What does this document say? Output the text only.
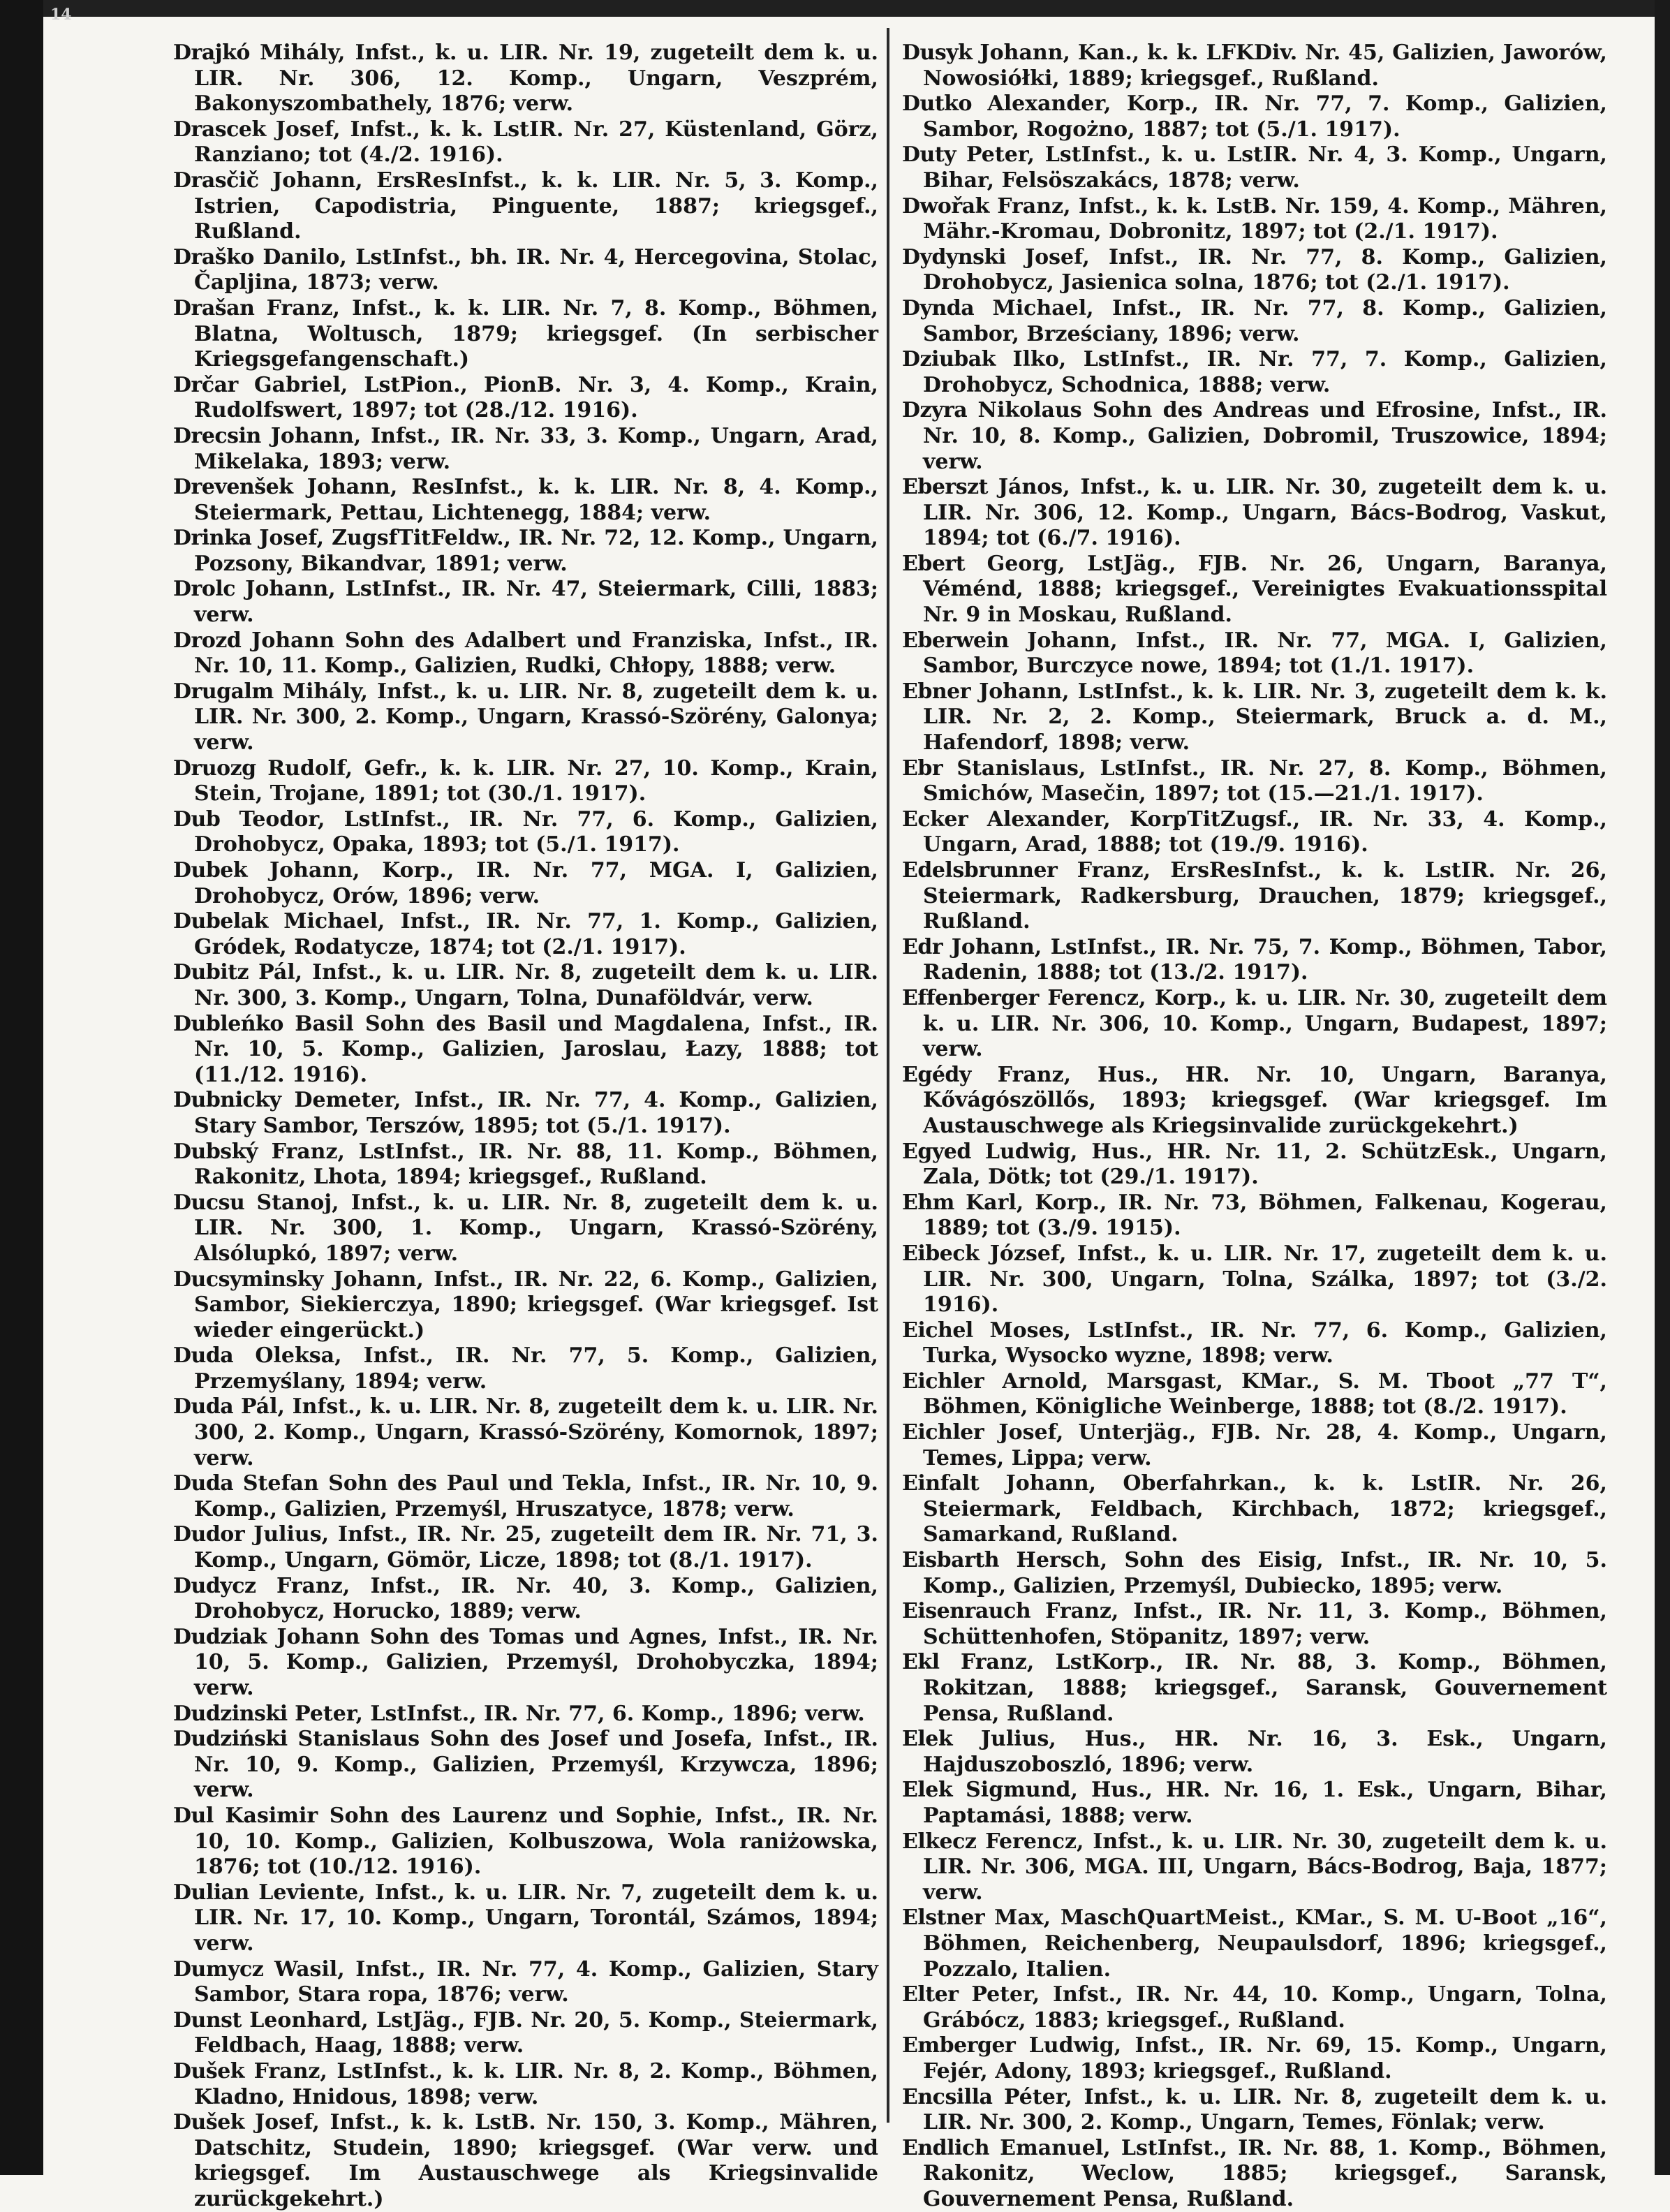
14

Drajkó Mihály, Infst., k. u. LIR. Nr. 19, zugeteilt dem k. u. LIR. Nr. 306, 12. Komp., Ungarn, Veszprém, Bakonyszombathely, 1876; verw.

Drascek Josef, Infst., k. k. LstIR. Nr. 27, Küstenland, Görz, Ranziano; tot (4./2. 1916).

Drasčič Johann, ErsResInfst., k. k. LIR. Nr. 5, 3. Komp., Istrien, Capodistria, Pinguente, 1887; kriegsgef., Rußland.

Draško Danilo, LstInfst., bh. IR. Nr. 4, Hercegovina, Stolac, Čapljina, 1873; verw.

Drašan Franz, Infst., k. k. LIR. Nr. 7, 8. Komp., Böhmen, Blatna, Woltusch, 1879; kriegsgef. (In serbischer Kriegsgefangenschaft.)

Drčar Gabriel, LstPion., PionB. Nr. 3, 4. Komp., Krain, Rudolfswert, 1897; tot (28./12. 1916).

Drecsin Johann, Infst., IR. Nr. 33, 3. Komp., Ungarn, Arad, Mikelaka, 1893; verw.

Drevenšek Johann, ResInfst., k. k. LIR. Nr. 8, 4. Komp., Steiermark, Pettau, Lichtenegg, 1884; verw.

Drinka Josef, ZugsfTitFeldw., IR. Nr. 72, 12. Komp., Ungarn, Pozsony, Bikandvar, 1891; verw.

Drolc Johann, LstInfst., IR. Nr. 47, Steiermark, Cilli, 1883; verw.

Drozd Johann Sohn des Adalbert und Franziska, Infst., IR. Nr. 10, 11. Komp., Galizien, Rudki, Chłopy, 1888; verw.

Drugalm Mihály, Infst., k. u. LIR. Nr. 8, zugeteilt dem k. u. LIR. Nr. 300, 2. Komp., Ungarn, Krassó-Szörény, Galonya; verw.

Druozg Rudolf, Gefr., k. k. LIR. Nr. 27, 10. Komp., Krain, Stein, Trojane, 1891; tot (30./1. 1917).

Dub Teodor, LstInfst., IR. Nr. 77, 6. Komp., Galizien, Drohobycz, Opaka, 1893; tot (5./1. 1917).

Dubek Johann, Korp., IR. Nr. 77, MGA. I, Galizien, Drohobycz, Orów, 1896; verw.

Dubelak Michael, Infst., IR. Nr. 77, 1. Komp., Galizien, Gródek, Rodatycze, 1874; tot (2./1. 1917).

Dubitz Pál, Infst., k. u. LIR. Nr. 8, zugeteilt dem k. u. LIR. Nr. 300, 3. Komp., Ungarn, Tolna, Dunaföldvár, verw.

Dubleńko Basil Sohn des Basil und Magdalena, Infst., IR. Nr. 10, 5. Komp., Galizien, Jaroslau, Łazy, 1888; tot (11./12. 1916).

Dubnicky Demeter, Infst., IR. Nr. 77, 4. Komp., Galizien, Stary Sambor, Terszów, 1895; tot (5./1. 1917).

Dubský Franz, LstInfst., IR. Nr. 88, 11. Komp., Böhmen, Rakonitz, Lhota, 1894; kriegsgef., Rußland.

Ducsu Stanoj, Infst., k. u. LIR. Nr. 8, zugeteilt dem k. u. LIR. Nr. 300, 1. Komp., Ungarn, Krassó-Szörény, Alsólupkó, 1897; verw.

Ducsyminsky Johann, Infst., IR. Nr. 22, 6. Komp., Galizien, Sambor, Siekierczya, 1890; kriegsgef. (War kriegsgef. Ist wieder eingerückt.)

Duda Oleksa, Infst., IR. Nr. 77, 5. Komp., Galizien, Przemyślany, 1894; verw.

Duda Pál, Infst., k. u. LIR. Nr. 8, zugeteilt dem k. u. LIR. Nr. 300, 2. Komp., Ungarn, Krassó-Szörény, Komornok, 1897; verw.

Duda Stefan Sohn des Paul und Tekla, Infst., IR. Nr. 10, 9. Komp., Galizien, Przemyśl, Hruszatyce, 1878; verw.

Dudor Julius, Infst., IR. Nr. 25, zugeteilt dem IR. Nr. 71, 3. Komp., Ungarn, Gömör, Licze, 1898; tot (8./1. 1917).

Dudycz Franz, Infst., IR. Nr. 40, 3. Komp., Galizien, Drohobycz, Horucko, 1889; verw.

Dudziak Johann Sohn des Tomas und Agnes, Infst., IR. Nr. 10, 5. Komp., Galizien, Przemyśl, Drohobyczka, 1894; verw.

Dudzinski Peter, LstInfst., IR. Nr. 77, 6. Komp., 1896; verw.

Dudziński Stanislaus Sohn des Josef und Josefa, Infst., IR. Nr. 10, 9. Komp., Galizien, Przemyśl, Krzywcza, 1896; verw.

Dul Kasimir Sohn des Laurenz und Sophie, Infst., IR. Nr. 10, 10. Komp., Galizien, Kolbuszowa, Wola raniżowska, 1876; tot (10./12. 1916).

Dulian Leviente, Infst., k. u. LIR. Nr. 7, zugeteilt dem k. u. LIR. Nr. 17, 10. Komp., Ungarn, Torontál, Számos, 1894; verw.

Dumycz Wasil, Infst., IR. Nr. 77, 4. Komp., Galizien, Stary Sambor, Stara ropa, 1876; verw.

Dunst Leonhard, LstJäg., FJB. Nr. 20, 5. Komp., Steiermark, Feldbach, Haag, 1888; verw.

Dušek Franz, LstInfst., k. k. LIR. Nr. 8, 2. Komp., Böhmen, Kladno, Hnidous, 1898; verw.

Dušek Josef, Infst., k. k. LstB. Nr. 150, 3. Komp., Mähren, Datschitz, Studein, 1890; kriegsgef. (War verw. und kriegsgef. Im Austauschwege als Kriegsinvalide zurückgekehrt.)

Dusyk Johann, Kan., k. k. LFKDiv. Nr. 45, Galizien, Jaworów, Nowosiółki, 1889; kriegsgef., Rußland.

Dutko Alexander, Korp., IR. Nr. 77, 7. Komp., Galizien, Sambor, Rogożno, 1887; tot (5./1. 1917).

Duty Peter, LstInfst., k. u. LstIR. Nr. 4, 3. Komp., Ungarn, Bihar, Felsöszakács, 1878; verw.

Dwořak Franz, Infst., k. k. LstB. Nr. 159, 4. Komp., Mähren, Mähr.-Kromau, Dobronitz, 1897; tot (2./1. 1917).

Dydynski Josef, Infst., IR. Nr. 77, 8. Komp., Galizien, Drohobycz, Jasienica solna, 1876; tot (2./1. 1917).

Dynda Michael, Infst., IR. Nr. 77, 8. Komp., Galizien, Sambor, Brześciany, 1896; verw.

Dziubak Ilko, LstInfst., IR. Nr. 77, 7. Komp., Galizien, Drohobycz, Schodnica, 1888; verw.

Dzyra Nikolaus Sohn des Andreas und Efrosine, Infst., IR. Nr. 10, 8. Komp., Galizien, Dobromil, Truszowice, 1894; verw.

Eberszt János, Infst., k. u. LIR. Nr. 30, zugeteilt dem k. u. LIR. Nr. 306, 12. Komp., Ungarn, Bács-Bodrog, Vaskut, 1894; tot (6./7. 1916).

Ebert Georg, LstJäg., FJB. Nr. 26, Ungarn, Baranya, Véménd, 1888; kriegsgef., Vereinigtes Evakuationsspital Nr. 9 in Moskau, Rußland.

Eberwein Johann, Infst., IR. Nr. 77, MGA. I, Galizien, Sambor, Burczyce nowe, 1894; tot (1./1. 1917).

Ebner Johann, LstInfst., k. k. LIR. Nr. 3, zugeteilt dem k. k. LIR. Nr. 2, 2. Komp., Steiermark, Bruck a. d. M., Hafendorf, 1898; verw.

Ebr Stanislaus, LstInfst., IR. Nr. 27, 8. Komp., Böhmen, Smichów, Masečin, 1897; tot (15.—21./1. 1917).

Ecker Alexander, KorpTitZugsf., IR. Nr. 33, 4. Komp., Ungarn, Arad, 1888; tot (19./9. 1916).

Edelsbrunner Franz, ErsResInfst., k. k. LstIR. Nr. 26, Steiermark, Radkersburg, Drauchen, 1879; kriegsgef., Rußland.

Edr Johann, LstInfst., IR. Nr. 75, 7. Komp., Böhmen, Tabor, Radenin, 1888; tot (13./2. 1917).

Effenberger Ferencz, Korp., k. u. LIR. Nr. 30, zugeteilt dem k. u. LIR. Nr. 306, 10. Komp., Ungarn, Budapest, 1897; verw.

Egédy Franz, Hus., HR. Nr. 10, Ungarn, Baranya, Kővágószöllős, 1893; kriegsgef. (War kriegsgef. Im Austauschwege als Kriegsinvalide zurückgekehrt.)

Egyed Ludwig, Hus., HR. Nr. 11, 2. SchützEsk., Ungarn, Zala, Dötk; tot (29./1. 1917).

Ehm Karl, Korp., IR. Nr. 73, Böhmen, Falkenau, Kogerau, 1889; tot (3./9. 1915).

Eibeck József, Infst., k. u. LIR. Nr. 17, zugeteilt dem k. u. LIR. Nr. 300, Ungarn, Tolna, Szálka, 1897; tot (3./2. 1916).

Eichel Moses, LstInfst., IR. Nr. 77, 6. Komp., Galizien, Turka, Wysocko wyzne, 1898; verw.

Eichler Arnold, Marsgast, KMar., S. M. Tboot „77 T“, Böhmen, Königliche Weinberge, 1888; tot (8./2. 1917).

Eichler Josef, Unterjäg., FJB. Nr. 28, 4. Komp., Ungarn, Temes, Lippa; verw.

Einfalt Johann, Oberfahrkan., k. k. LstIR. Nr. 26, Steiermark, Feldbach, Kirchbach, 1872; kriegsgef., Samarkand, Rußland.

Eisbarth Hersch, Sohn des Eisig, Infst., IR. Nr. 10, 5. Komp., Galizien, Przemyśl, Dubiecko, 1895; verw.

Eisenrauch Franz, Infst., IR. Nr. 11, 3. Komp., Böhmen, Schüttenhofen, Stöpanitz, 1897; verw.

Ekl Franz, LstKorp., IR. Nr. 88, 3. Komp., Böhmen, Rokitzan, 1888; kriegsgef., Saransk, Gouvernement Pensa, Rußland.

Elek Julius, Hus., HR. Nr. 16, 3. Esk., Ungarn, Hajduszoboszló, 1896; verw.

Elek Sigmund, Hus., HR. Nr. 16, 1. Esk., Ungarn, Bihar, Paptamási, 1888; verw.

Elkecz Ferencz, Infst., k. u. LIR. Nr. 30, zugeteilt dem k. u. LIR. Nr. 306, MGA. III, Ungarn, Bács-Bodrog, Baja, 1877; verw.

Elstner Max, MaschQuartMeist., KMar., S. M. U-Boot „16“, Böhmen, Reichenberg, Neupaulsdorf, 1896; kriegsgef., Pozzalo, Italien.

Elter Peter, Infst., IR. Nr. 44, 10. Komp., Ungarn, Tolna, Grábócz, 1883; kriegsgef., Rußland.

Emberger Ludwig, Infst., IR. Nr. 69, 15. Komp., Ungarn, Fejér, Adony, 1893; kriegsgef., Rußland.

Encsilla Péter, Infst., k. u. LIR. Nr. 8, zugeteilt dem k. u. LIR. Nr. 300, 2. Komp., Ungarn, Temes, Fönlak; verw.

Endlich Emanuel, LstInfst., IR. Nr. 88, 1. Komp., Böhmen, Rakonitz, Weclow, 1885; kriegsgef., Saransk, Gouvernement Pensa, Rußland.
